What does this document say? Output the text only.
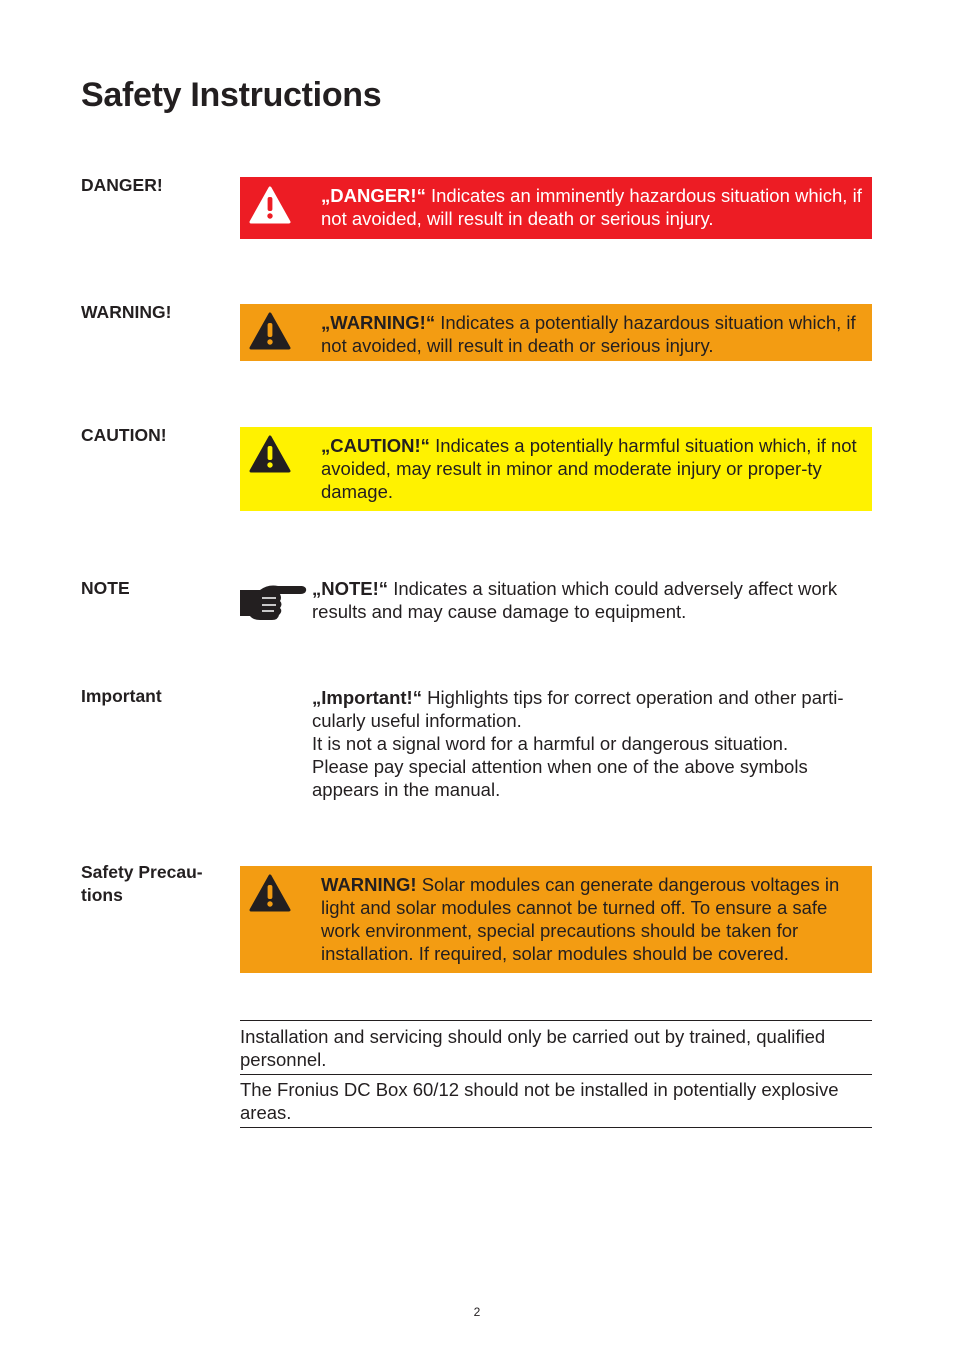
Safety Instructions
DANGER!	„DANGER!“ Indicates an imminently hazardous situation which, if not avoided, will result in death or serious injury.
WARNING!	„WARNING!“ Indicates a potentially hazardous situation which, if not avoided, will result in death or serious injury.
CAUTION!	„CAUTION!“ Indicates a potentially harmful situation which, if not avoided, may result in minor and moderate injury or proper-ty damage.
NOTE	„NOTE!“ Indicates a situation which could adversely affect work results and may cause damage to equipment.
Important	„Important!“ Highlights tips for correct operation and other parti-cularly useful information.

It is not a signal word for a harmful or dangerous situation.

Please pay special attention when one of the above symbols appears in the manual.

Safety Precau-tions	WARNING! Solar modules can generate dangerous voltages in light and solar modules cannot be turned off. To ensure a safe work environment, special precautions should be taken for installation. If required, solar modules should be covered.
Installation and servicing should only be carried out by trained, qualified personnel.
The Fronius DC Box 60/12 should not be installed in potentially explosive areas.
2
